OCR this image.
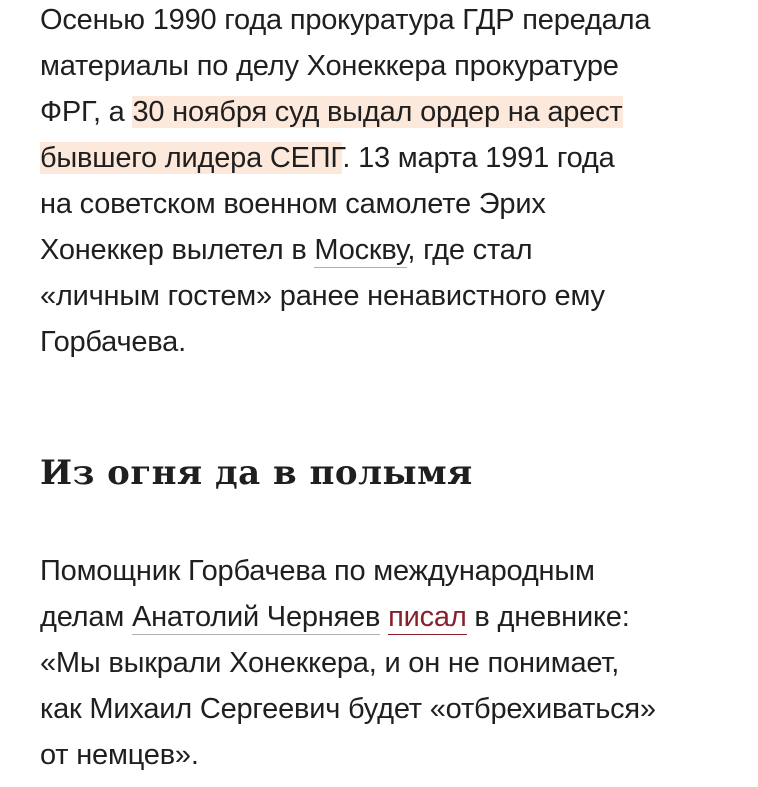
Осенью 1990 года прокуратура ГДР передала
материалы по делу Хонеккера прокуратуре
ФРГ, а 30 ноября суд выдал ордер на арест
бывшего лидера СЕПГ. 13 марта 1991 года
на советском военном самолете Эрих
Хонеккер вылетел в Москву, где стал
«личным гостем» ранее ненавистного ему
Горбачева.

Из огня да в полымя

Помощник Горбачева по международным
делам Анатолий Черняев писал в дневнике:
«Мы выкрали Хонеккера, и он не понимает,
как Михаил Сергеевич будет «отбрехиваться»
от немцев».
